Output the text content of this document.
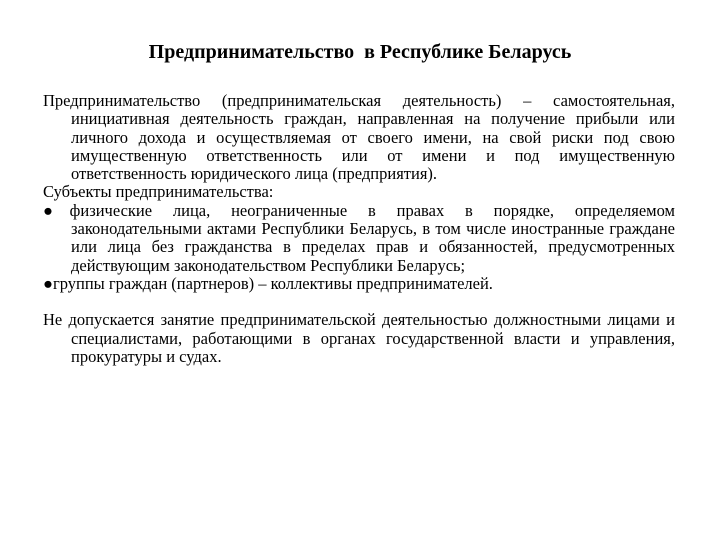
Предпринимательство  в Республике Беларусь

Предпринимательство (предпринимательская деятельность) – самостоятельная, инициативная деятельность граждан, направленная на получение прибыли или личного дохода и осуществляемая от своего имени, на свой риски под свою имущественную ответственность или от имени и под имущественную ответственность юридического лица (предприятия).

Субъекты предпринимательства:

●физические лица, неограниченные в правах в порядке, определяемом законодательными актами Республики Беларусь, в том числе иностранные граждане или лица без гражданства в пределах прав и обязанностей, предусмотренных действующим законодательством Республики Беларусь;

●группы граждан (партнеров) – коллективы предпринимателей.

Не допускается занятие предпринимательской деятельностью должностными лицами и специалистами, работающими в органах государственной власти и управления, прокуратуры и судах.
